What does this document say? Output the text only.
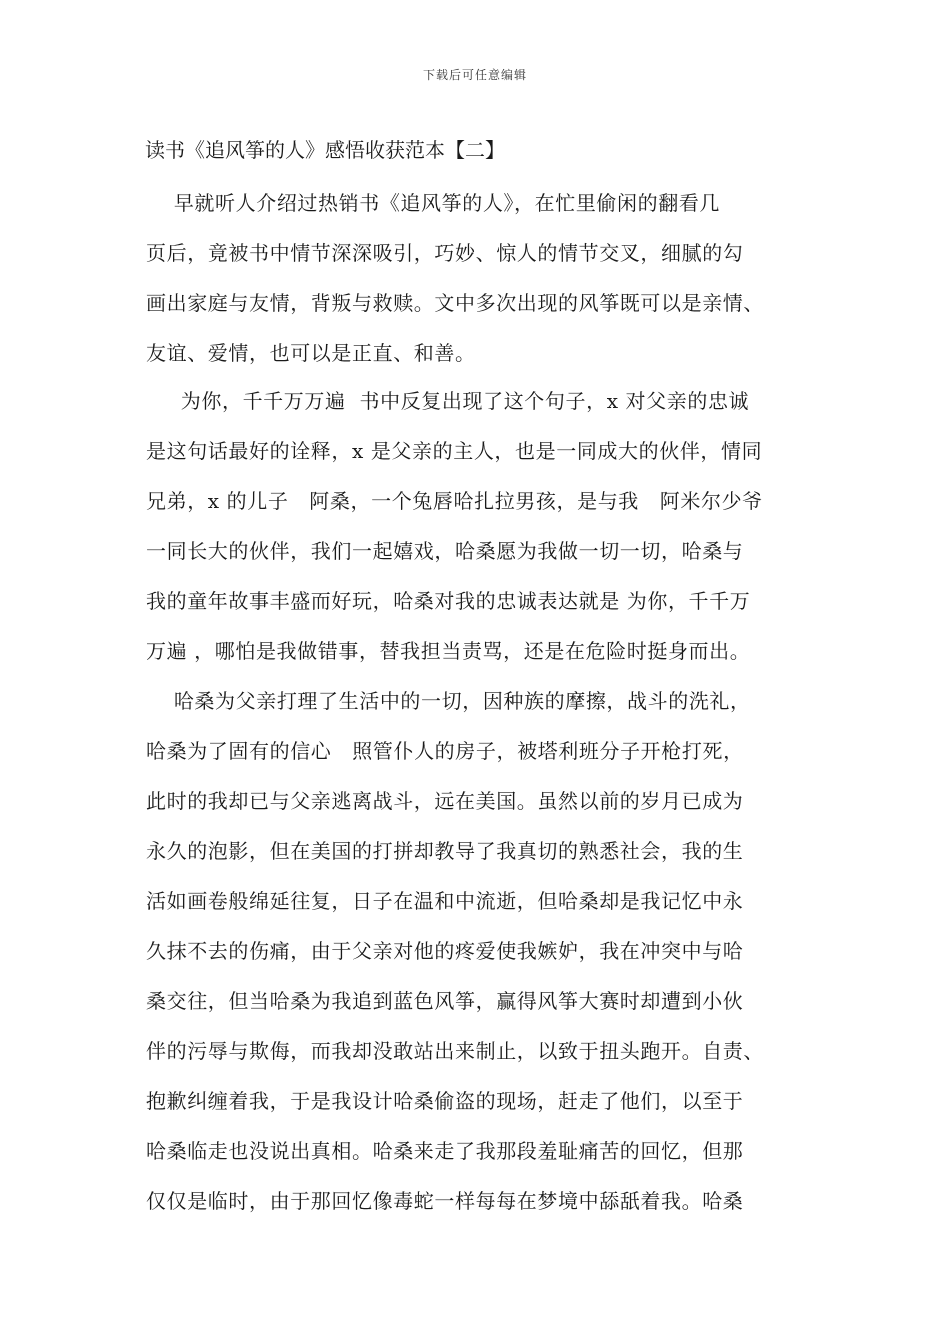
下载后可任意编辑
读书《追风筝的人》感悟收获范本【二】
早就听人介绍过热销书《追风筝的人》，在忙里偷闲的翻看几
页后，竟被书中情节深深吸引，巧妙、惊人的情节交叉，细腻的勾
画出家庭与友情，背叛与救赎。文中多次出现的风筝既可以是亲情、
友谊、爱情，也可以是正直、和善。
为你，千千万万遍  书中反复出现了这个句子，x 对父亲的忠诚
是这句话最好的诠释，x 是父亲的主人，也是一同成大的伙伴，情同
兄弟，x 的儿子   阿桑，一个兔唇哈扎拉男孩，是与我   阿米尔少爷
一同长大的伙伴，我们一起嬉戏，哈桑愿为我做一切一切，哈桑与
我的童年故事丰盛而好玩，哈桑对我的忠诚表达就是 为你，千千万
万遍 ，哪怕是我做错事，替我担当责骂，还是在危险时挺身而出。
哈桑为父亲打理了生活中的一切，因种族的摩擦，战斗的洗礼，
哈桑为了固有的信心   照管仆人的房子，被塔利班分子开枪打死，
此时的我却已与父亲逃离战斗，远在美国。虽然以前的岁月已成为
永久的泡影，但在美国的打拼却教导了我真切的熟悉社会，我的生
活如画卷般绵延往复，日子在温和中流逝，但哈桑却是我记忆中永
久抹不去的伤痛，由于父亲对他的疼爱使我嫉妒，我在冲突中与哈
桑交往，但当哈桑为我追到蓝色风筝，赢得风筝大赛时却遭到小伙
伴的污辱与欺侮，而我却没敢站出来制止，以致于扭头跑开。自责、
抱歉纠缠着我，于是我设计哈桑偷盗的现场，赶走了他们，以至于
哈桑临走也没说出真相。哈桑来走了我那段羞耻痛苦的回忆，但那
仅仅是临时，由于那回忆像毒蛇一样每每在梦境中舔舐着我。哈桑
